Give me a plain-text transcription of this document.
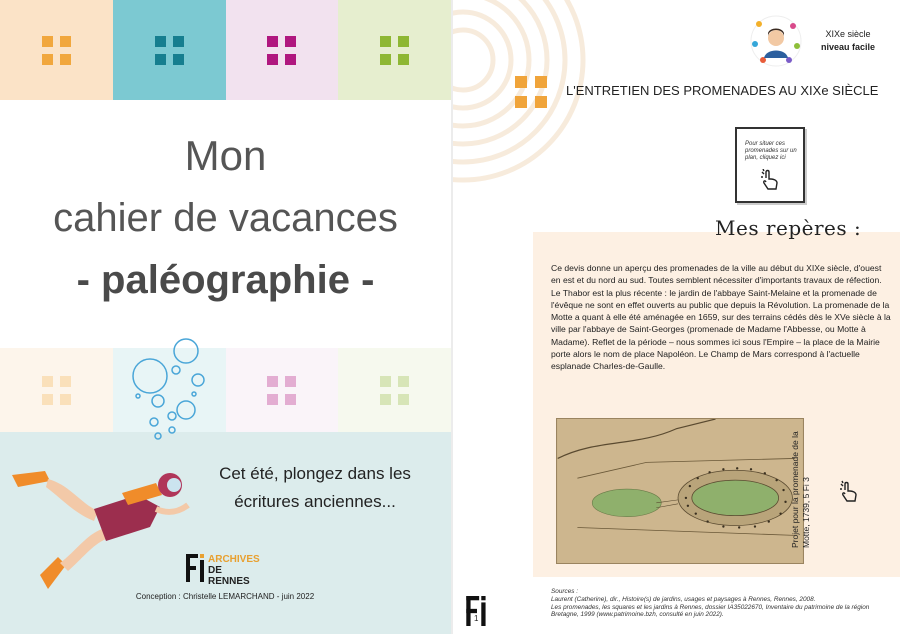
Mon
cahier de vacances
- paléographie -
Cet été, plongez dans les écritures anciennes...
ARCHIVES
DE
RENNES
Conception : Christelle LEMARCHAND - juin 2022
XIXe siècle
niveau facile
L'ENTRETIEN DES PROMENADES AU XIXe SIÈCLE
Pour situer ces promenades sur un plan, cliquez ici
Mes repères :

Ce devis donne un aperçu des promenades de la ville au début du XIXe siècle, d'ouest en est et du nord au sud. Toutes semblent nécessiter d'importants travaux de réfection.

Le Thabor est la plus récente : le jardin de l'abbaye Saint-Melaine et la promenade de l'évêque ne sont en effet ouverts au public que depuis la Révolution. La promenade de la Motte a quant à elle été aménagée en 1659, sur des terrains cédés dès le XVe siècle à la ville par l'abbaye de Saint-Georges (promenade de Madame l'Abbesse, ou Motte à Madame). Reflet de la période – nous sommes ici sous l'Empire – la place de la Mairie porte alors le nom de place Napoléon. Le Champ de Mars correspond à l'actuelle esplanade Charles-de-Gaulle.

Projet pour la promenade de la Motte, 1739, 5 Fi 3
Sources :
Laurent (Catherine), dir., Histoire(s) de jardins, usages et paysages à Rennes, Rennes, 2008.
Les promenades, les squares et les jardins à Rennes, dossier IA35022670, Inventaire du patrimoine de la région Bretagne, 1999 (www.patrimoine.bzh, consulté en juin 2022).
1
